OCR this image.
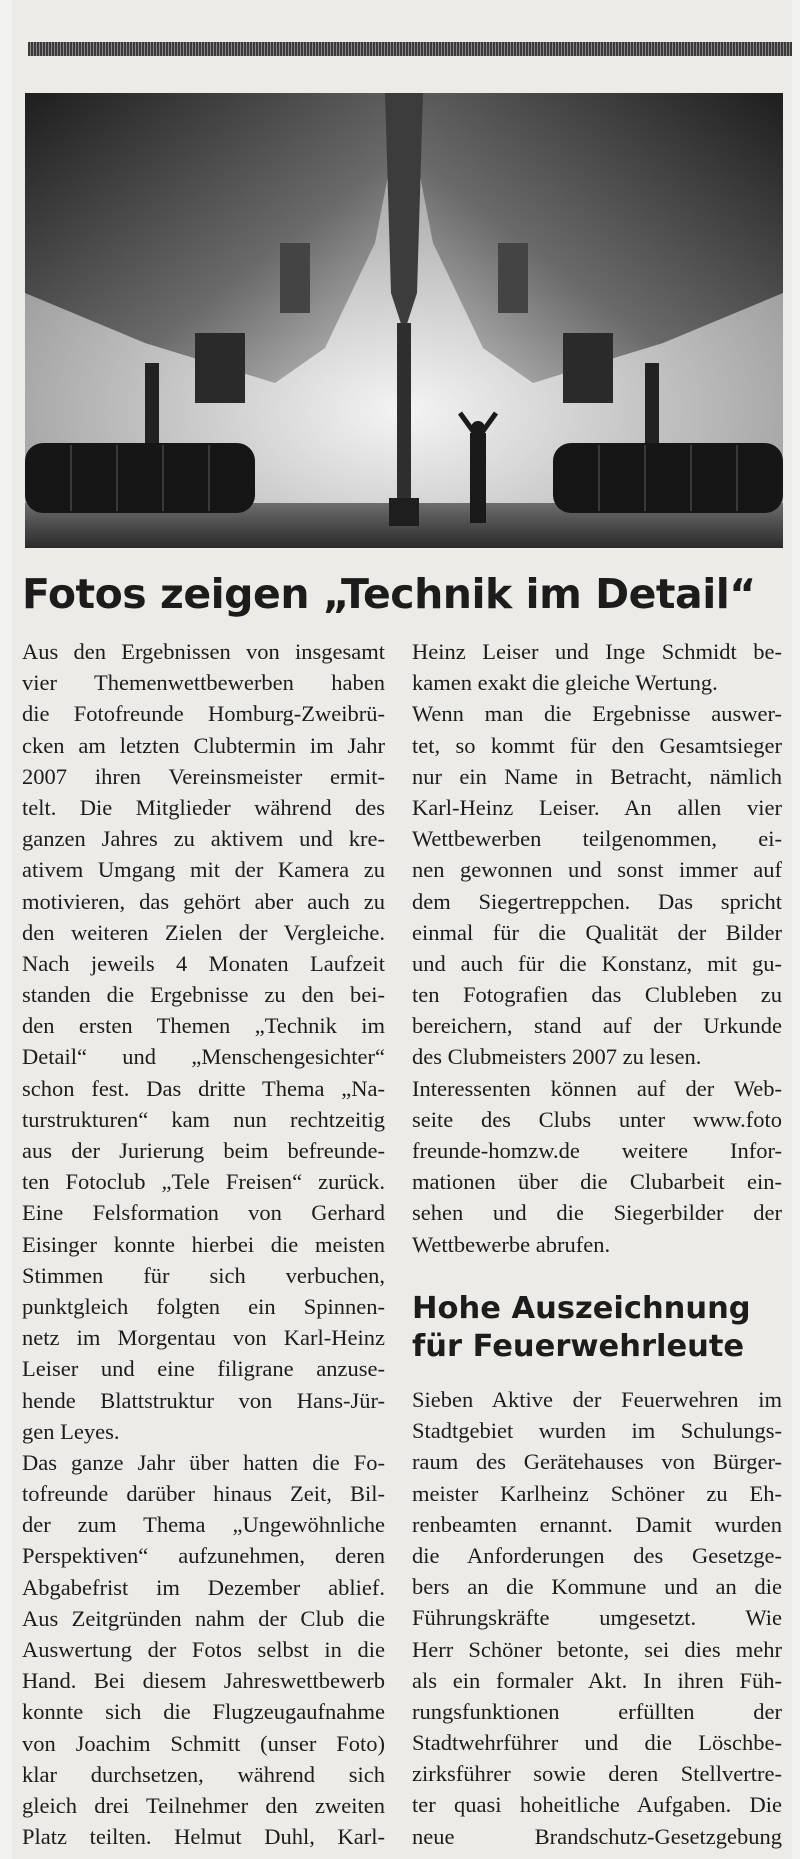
Fotos zeigen „Technik im Detail“
Aus den Ergebnissen von insgesamt
vier Themenwettbewerben haben
die Fotofreunde Homburg-Zweibrü-
cken am letzten Clubtermin im Jahr
2007 ihren Vereinsmeister ermit-
telt. Die Mitglieder während des
ganzen Jahres zu aktivem und kre-
ativem Umgang mit der Kamera zu
motivieren, das gehört aber auch zu
den weiteren Zielen der Vergleiche.
Nach jeweils 4 Monaten Laufzeit
standen die Ergebnisse zu den bei-
den ersten Themen „Technik im
Detail“ und „Menschengesichter“
schon fest. Das dritte Thema „Na-
turstrukturen“ kam nun rechtzeitig
aus der Jurierung beim befreunde-
ten Fotoclub „Tele Freisen“ zurück.
Eine Felsformation von Gerhard
Eisinger konnte hierbei die meisten
Stimmen für sich verbuchen,
punktgleich folgten ein Spinnen-
netz im Morgentau von Karl-Heinz
Leiser und eine filigrane anzuse-
hende Blattstruktur von Hans-Jür-
gen Leyes.
Das ganze Jahr über hatten die Fo-
tofreunde darüber hinaus Zeit, Bil-
der zum Thema „Ungewöhnliche
Perspektiven“ aufzunehmen, deren
Abgabefrist im Dezember ablief.
Aus Zeitgründen nahm der Club die
Auswertung der Fotos selbst in die
Hand. Bei diesem Jahreswettbewerb
konnte sich die Flugzeugaufnahme
von Joachim Schmitt (unser Foto)
klar durchsetzen, während sich
gleich drei Teilnehmer den zweiten
Platz teilten. Helmut Duhl, Karl-
Heinz Leiser und Inge Schmidt be-
kamen exakt die gleiche Wertung.
Wenn man die Ergebnisse auswer-
tet, so kommt für den Gesamtsieger
nur ein Name in Betracht, nämlich
Karl-Heinz Leiser. An allen vier
Wettbewerben teilgenommen, ei-
nen gewonnen und sonst immer auf
dem Siegertreppchen. Das spricht
einmal für die Qualität der Bilder
und auch für die Konstanz, mit gu-
ten Fotografien das Clubleben zu
bereichern, stand auf der Urkunde
des Clubmeisters 2007 zu lesen.
Interessenten können auf der Web-
seite des Clubs unter www.foto
freunde-homzw.de weitere Infor-
mationen über die Clubarbeit ein-
sehen und die Siegerbilder der
Wettbewerbe abrufen.
Hohe Auszeichnung
für Feuerwehrleute
Sieben Aktive der Feuerwehren im
Stadtgebiet wurden im Schulungs-
raum des Gerätehauses von Bürger-
meister Karlheinz Schöner zu Eh-
renbeamten ernannt. Damit wurden
die Anforderungen des Gesetzge-
bers an die Kommune und an die
Führungskräfte umgesetzt. Wie
Herr Schöner betonte, sei dies mehr
als ein formaler Akt. In ihren Füh-
rungsfunktionen erfüllten der
Stadtwehrführer und die Löschbe-
zirksführer sowie deren Stellvertre-
ter quasi hoheitliche Aufgaben. Die
neue Brandschutz-Gesetzgebung
